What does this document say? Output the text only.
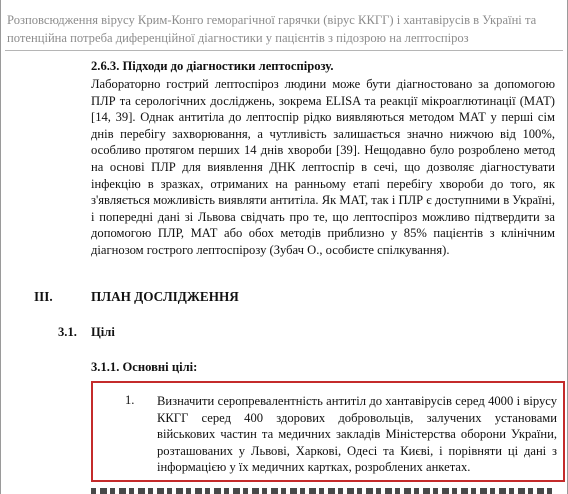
Розповсюдження вірусу Крим-Конго геморагічної гарячки (вірус ККГГ) і хантавірусів в Україні та потенційна потреба диференційної діагностики у пацієнтів з підозрою на лептоспіроз
2.6.3. Підходи до діагностики лептоспірозу.

Лабораторно гострий лептоспіроз людини може бути діагностовано за допомогою ПЛР та серологічних досліджень, зокрема ELISA та реакції мікроаглютинації (МАТ) [14, 39]. Однак антитіла до лептоспір рідко виявляються методом МАТ у перші сім днів перебігу захворювання, а чутливість залишається значно нижчою від 100%, особливо протягом перших 14 днів хвороби [39]. Нещодавно було розроблено метод на основі ПЛР для виявлення ДНК лептоспір в сечі, що дозволяє діагностувати інфекцію в зразках, отриманих на ранньому етапі перебігу хвороби до того, як з'являється можливість виявляти антитіла. Як МАТ, так і ПЛР є доступними в Україні, і попередні дані зі Львова свідчать про те, що лептоспіроз можливо підтвердити за допомогою ПЛР, МАТ або обох методів приблизно у 85% пацієнтів з клінічним діагнозом гострого лептоспірозу (Зубач О., особисте спілкування).

III.	ПЛАН ДОСЛІДЖЕННЯ
3.1. Цілі
3.1.1. Основні цілі:
1. Визначити серопревалентність антитіл до хантавірусів серед 4000 і вірусу ККГГ серед 400 здорових добровольців, залучених установами військових частин та медичних закладів Міністерства оборони України, розташованих у Львові, Харкові, Одесі та Києві, і порівняти ці дані з інформацією у їх медичних картках, розроблених анкетах.
